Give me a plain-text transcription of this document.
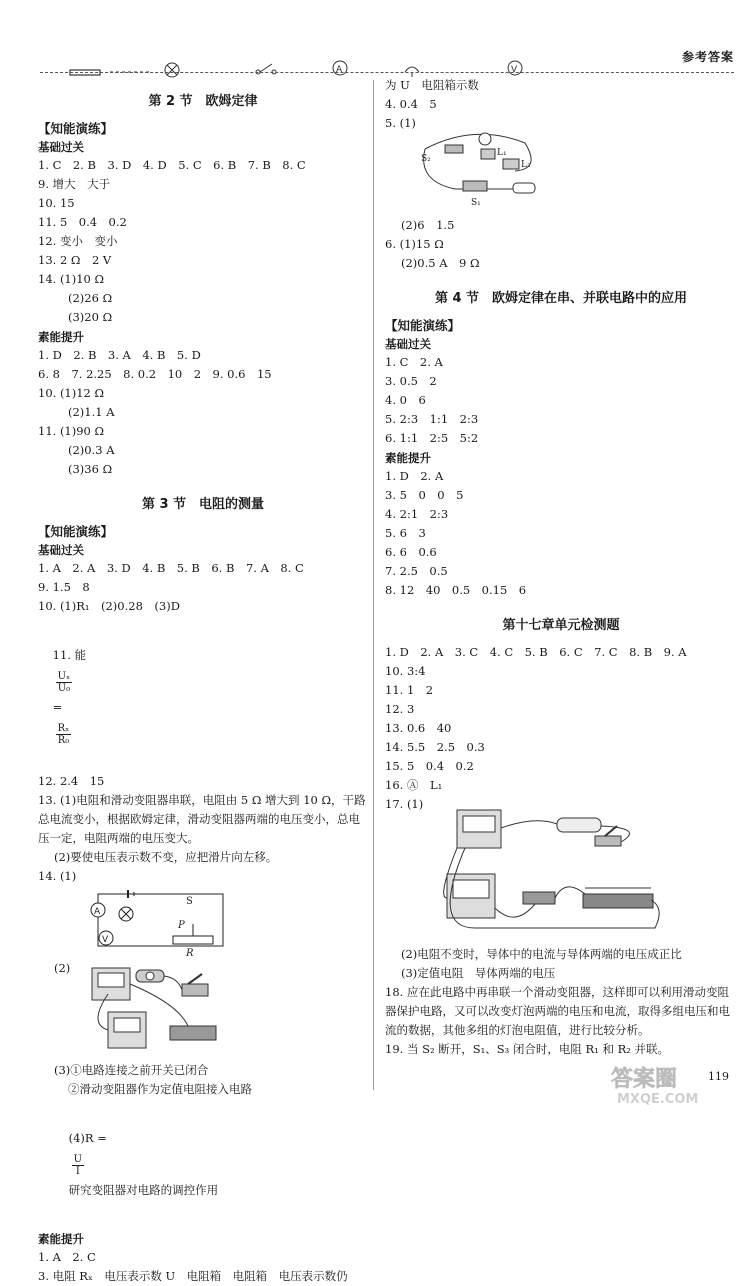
A	V
参考答案
第 2 节　欧姆定律
【知能演练】
基础过关
1. C　2. B　3. D　4. D　5. C　6. B　7. B　8. C
9. 增大　大于
10. 15
11. 5　0.4　0.2
12. 变小　变小
13. 2 Ω　2 V
14. (1)10 Ω
(2)26 Ω
(3)20 Ω
素能提升
1. D　2. B　3. A　4. B　5. D
6. 8　7. 2.25　8. 0.2　10　2　9. 0.6　15
10. (1)12 Ω
(2)1.1 A
11. (1)90 Ω
(2)0.3 A
(3)36 Ω
第 3 节　电阻的测量
【知能演练】
基础过关
1. A　2. A　3. D　4. B　5. B　6. B　7. A　8. C
9. 1.5　8
10. (1)R₁　(2)0.28　(3)D

11. 能

$\frac{\text{Uₓ}}{\text{U₀}}$

=

$\frac{\text{Rₓ}}{\text{R₀}}$

12. 2.4　15
13. (1)电阻和滑动变阻器串联，电阻由 5 Ω 增大到 10 Ω，干路总电流变小，根据欧姆定律，滑动变阻器两端的电压变小，总电压一定，电阻两端的电压变大。
(2)要使电压表示数不变，应把滑片向左移。
14. (1)
A
V
S
P
R
(2)
(3)①电路连接之前开关已闭合
②滑动变阻器作为定值电阻接入电路

(4)R =

$\frac{U}{I}$

研究变阻器对电路的调控作用

素能提升
1. A　2. C
3. 电阻 Rₓ　电压表示数 U　电阻箱　电阻箱　电压表示数仍
为 U　电阻箱示数
4. 0.4　5
5. (1)
S₂
L₁
L₂
S₁
(2)6　1.5
6. (1)15 Ω
(2)0.5 A　9 Ω
第 4 节　欧姆定律在串、并联电路中的应用
【知能演练】
基础过关
1. C　2. A
3. 0.5　2
4. 0　6
5. 2:3　1:1　2:3
6. 1:1　2:5　5:2
素能提升
1. D　2. A
3. 5　0　0　5
4. 2:1　2:3
5. 6　3
6. 6　0.6
7. 2.5　0.5
8. 12　40　0.5　0.15　6
第十七章单元检测题
1. D　2. A　3. C　4. C　5. B　6. C　7. C　8. B　9. A
10. 3:4
11. 1　2
12. 3
13. 0.6　40
14. 5.5　2.5　0.3
15. 5　0.4　0.2
16. Ⓐ　L₁
17. (1)
(2)电阻不变时，导体中的电流与导体两端的电压成正比
(3)定值电阻　导体两端的电压
18. 应在此电路中再串联一个滑动变阻器，这样即可以利用滑动变阻器保护电路，又可以改变灯泡两端的电压和电流，取得多组电压和电流的数据，其他多组的灯泡电阻值，进行比较分析。
19. 当 S₂ 断开，S₁、S₃ 闭合时，电阻 R₁ 和 R₂ 并联。
119
答案圈
MXQE.COM
